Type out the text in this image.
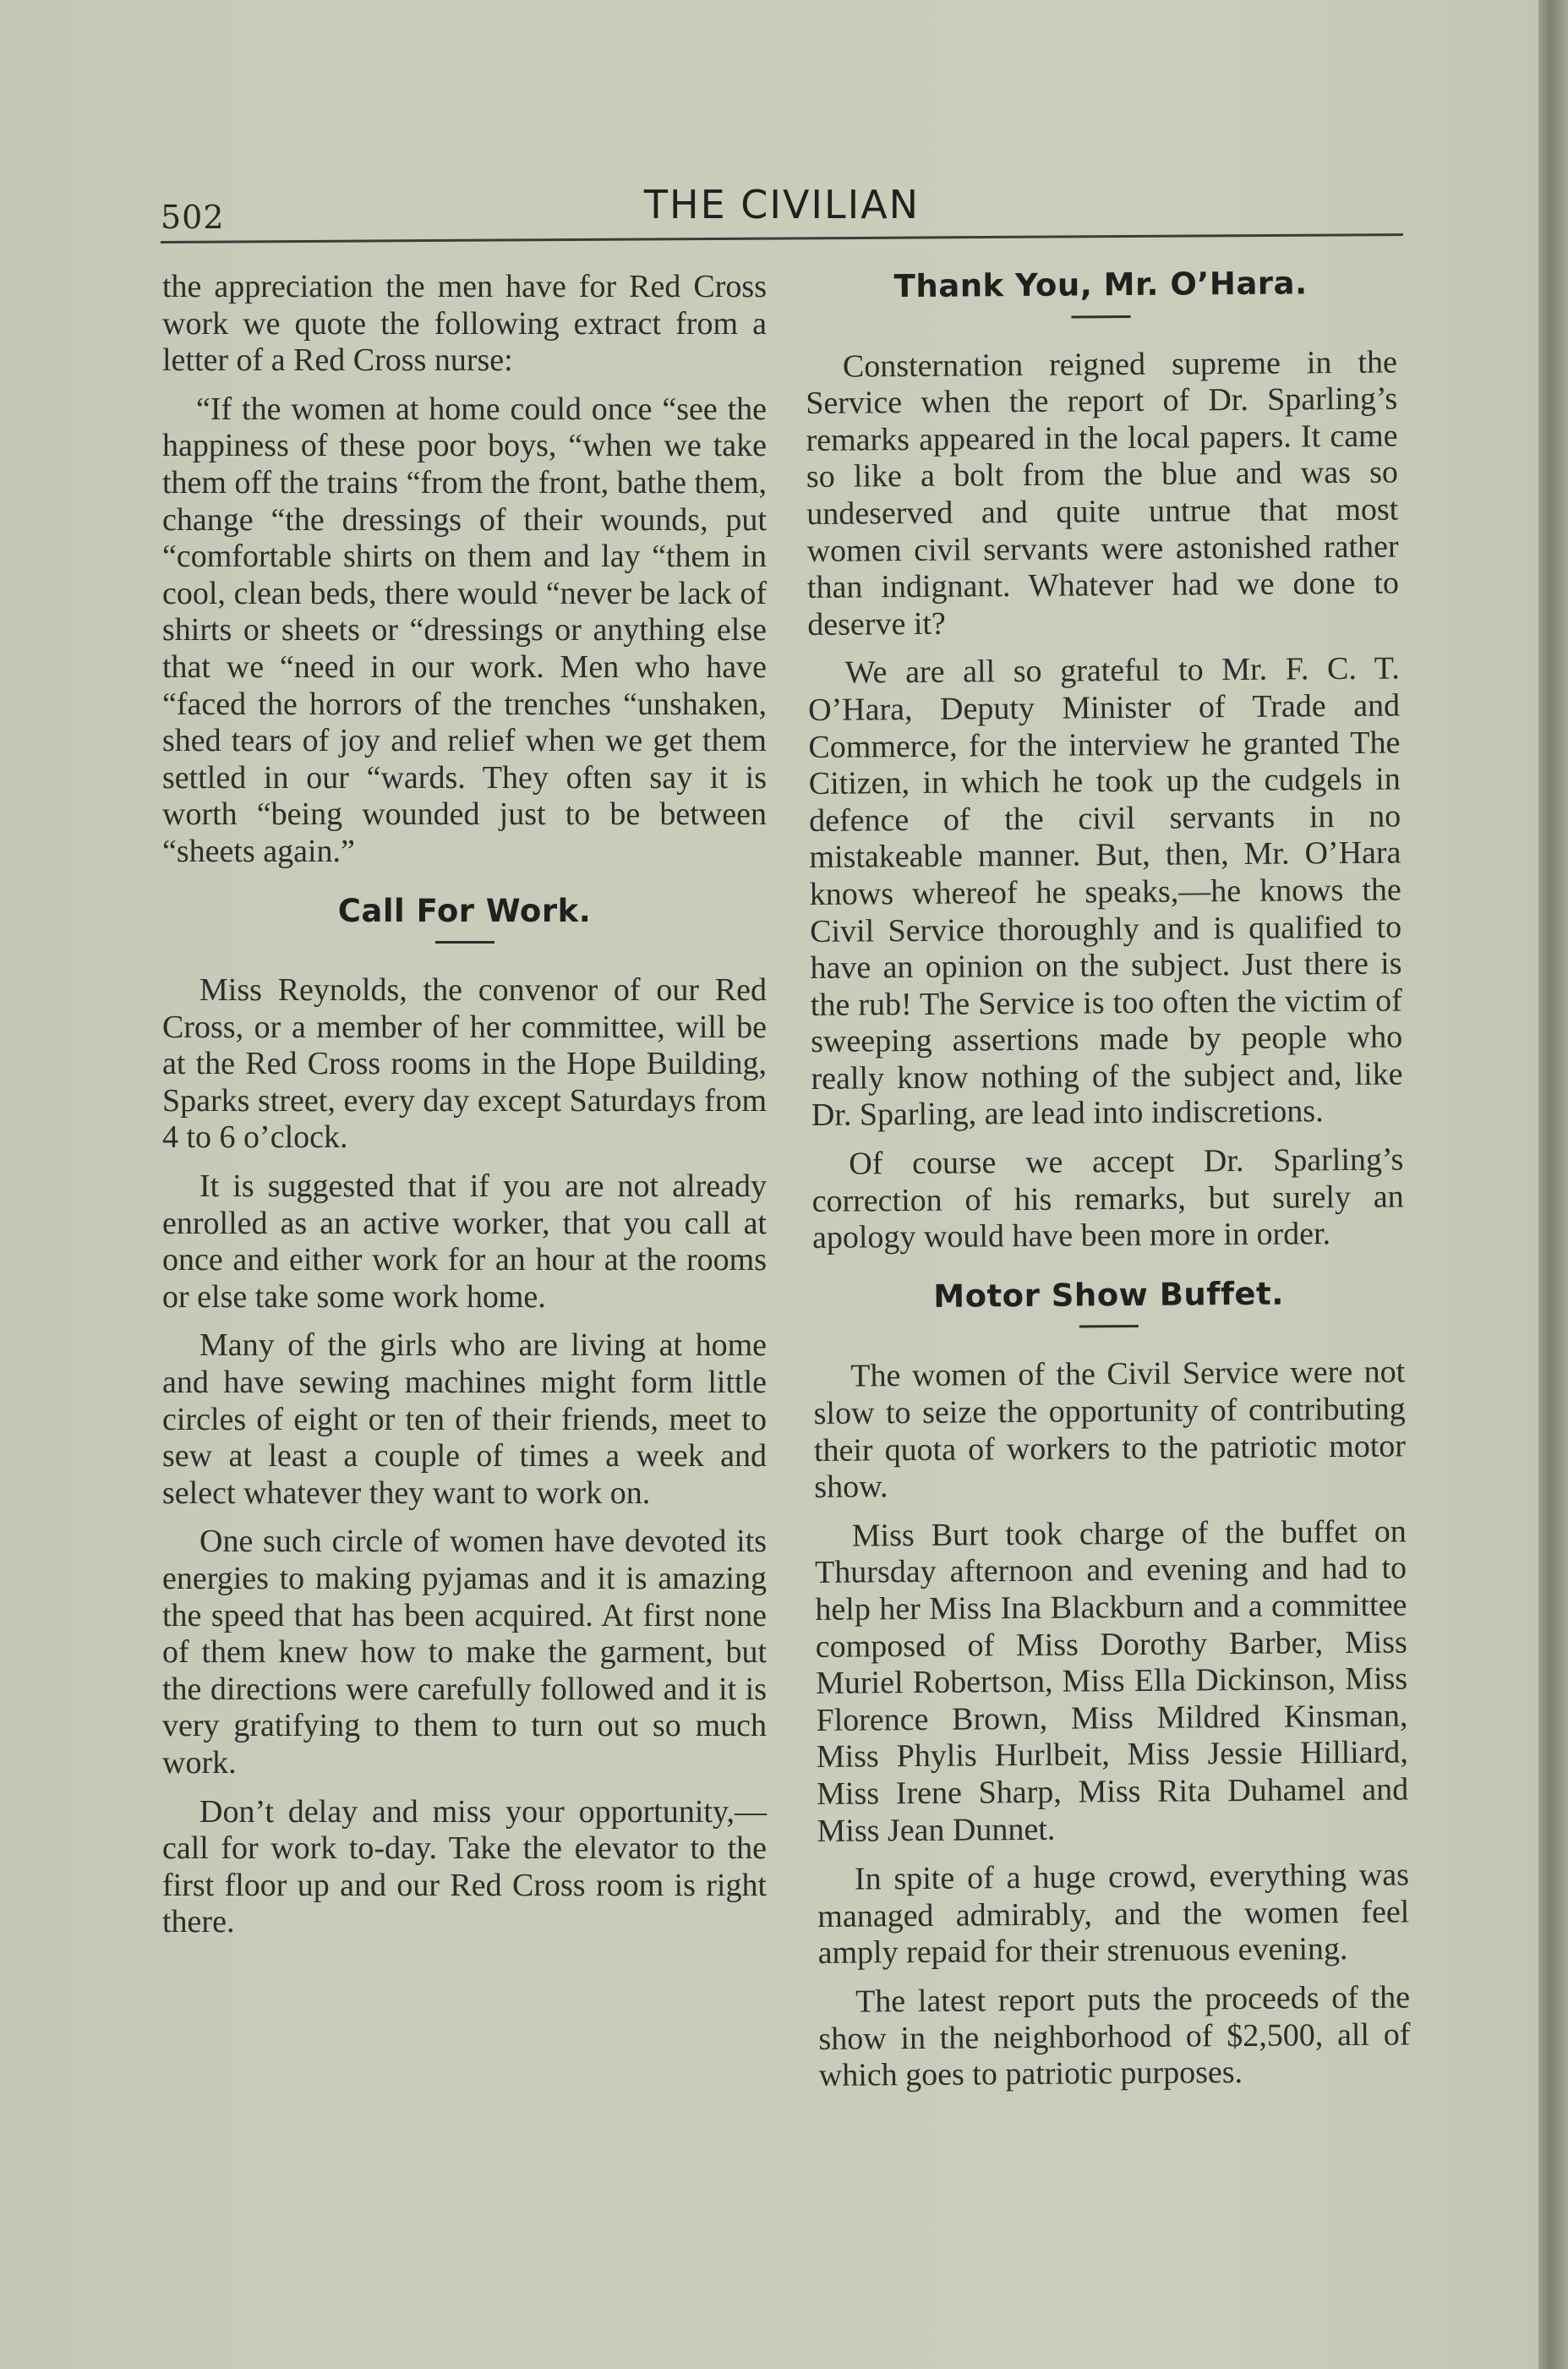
502	THE CIVILIAN

the appreciation the men have for Red Cross work we quote the following extract from a letter of a Red Cross nurse:

“If the women at home could once “see the happiness of these poor boys, “when we take them off the trains “from the front, bathe them, change “the dressings of their wounds, put “comfortable shirts on them and lay “them in cool, clean beds, there would “never be lack of shirts or sheets or “dressings or anything else that we “need in our work. Men who have “faced the horrors of the trenches “unshaken, shed tears of joy and relief when we get them settled in our “wards. They often say it is worth “being wounded just to be between “sheets again.”

Call For Work.

Miss Reynolds, the convenor of our Red Cross, or a member of her committee, will be at the Red Cross rooms in the Hope Building, Sparks street, every day except Saturdays from 4 to 6 o’clock.

It is suggested that if you are not already enrolled as an active worker, that you call at once and either work for an hour at the rooms or else take some work home.

Many of the girls who are living at home and have sewing machines might form little circles of eight or ten of their friends, meet to sew at least a couple of times a week and select whatever they want to work on.

One such circle of women have devoted its energies to making pyjamas and it is amazing the speed that has been acquired. At first none of them knew how to make the garment, but the directions were carefully followed and it is very gratifying to them to turn out so much work.

Don’t delay and miss your opportunity,—call for work to-day. Take the elevator to the first floor up and our Red Cross room is right there.

Thank You, Mr. O’Hara.

Consternation reigned supreme in the Service when the report of Dr. Sparling’s remarks appeared in the local papers. It came so like a bolt from the blue and was so undeserved and quite untrue that most women civil servants were astonished rather than indignant. Whatever had we done to deserve it?

We are all so grateful to Mr. F. C. T. O’Hara, Deputy Minister of Trade and Commerce, for the interview he granted The Citizen, in which he took up the cudgels in defence of the civil servants in no mistakeable manner. But, then, Mr. O’Hara knows whereof he speaks,—he knows the Civil Service thoroughly and is qualified to have an opinion on the subject. Just there is the rub! The Service is too often the victim of sweeping assertions made by people who really know nothing of the subject and, like Dr. Sparling, are lead into indiscretions.

Of course we accept Dr. Sparling’s correction of his remarks, but surely an apology would have been more in order.

Motor Show Buffet.

The women of the Civil Service were not slow to seize the opportunity of contributing their quota of workers to the patriotic motor show.

Miss Burt took charge of the buffet on Thursday afternoon and evening and had to help her Miss Ina Blackburn and a committee composed of Miss Dorothy Barber, Miss Muriel Robertson, Miss Ella Dickinson, Miss Florence Brown, Miss Mildred Kinsman, Miss Phylis Hurlbeit, Miss Jessie Hilliard, Miss Irene Sharp, Miss Rita Duhamel and Miss Jean Dunnet.

In spite of a huge crowd, everything was managed admirably, and the women feel amply repaid for their strenuous evening.

The latest report puts the proceeds of the show in the neighborhood of $2,500, all of which goes to patriotic purposes.
